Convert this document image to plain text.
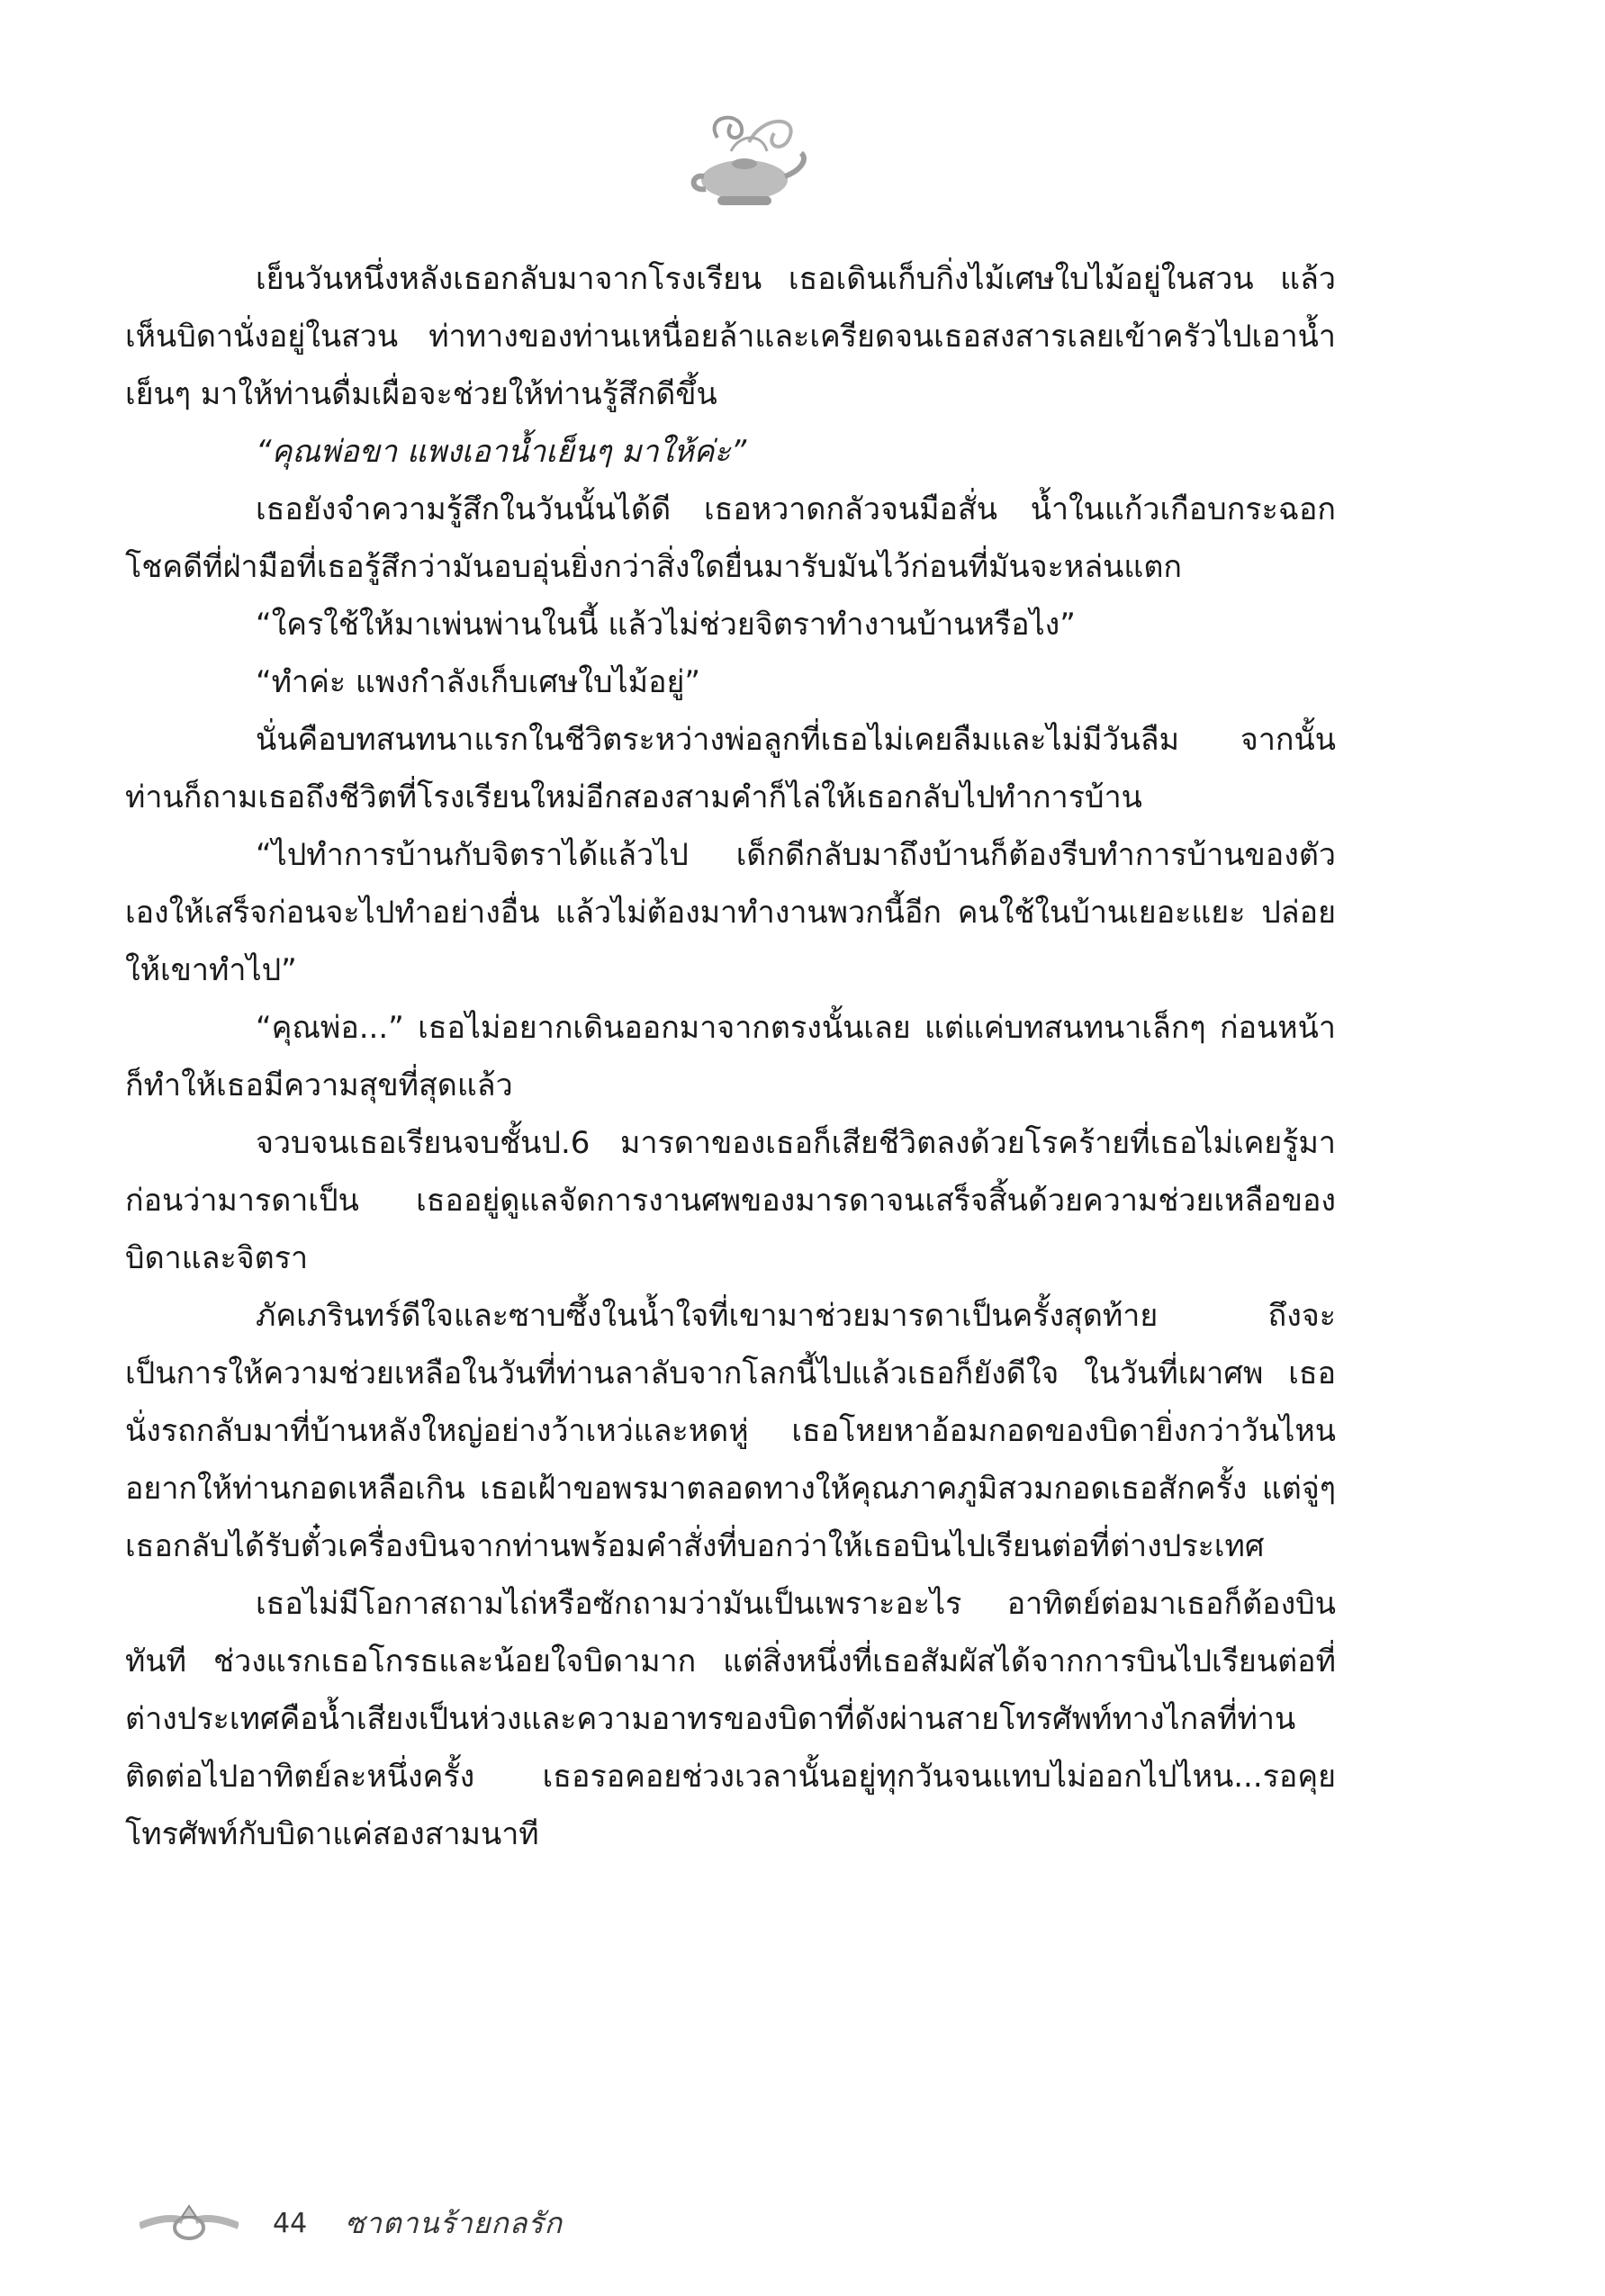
เย็นวันหนึ่งหลังเธอกลับมาจากโรงเรียน เธอเดินเก็บกิ่งไม้เศษใบไม้อยู่ในสวน แล้วเห็นบิดานั่งอยู่ในสวน ท่าทางของท่านเหนื่อยล้าและเครียดจนเธอสงสารเลยเข้าครัวไปเอาน้ำเย็นๆ มาให้ท่านดื่มเผื่อจะช่วยให้ท่านรู้สึกดีขึ้น

“คุณพ่อขา แพงเอาน้ำเย็นๆ มาให้ค่ะ”

เธอยังจำความรู้สึกในวันนั้นได้ดี เธอหวาดกลัวจนมือสั่น น้ำในแก้วเกือบกระฉอก โชคดีที่ฝ่ามือที่เธอรู้สึกว่ามันอบอุ่นยิ่งกว่าสิ่งใดยื่นมารับมันไว้ก่อนที่มันจะหล่นแตก

“ใครใช้ให้มาเพ่นพ่านในนี้ แล้วไม่ช่วยจิตราทำงานบ้านหรือไง”

“ทำค่ะ แพงกำลังเก็บเศษใบไม้อยู่”

นั่นคือบทสนทนาแรกในชีวิตระหว่างพ่อลูกที่เธอไม่เคยลืมและไม่มีวันลืม จากนั้นท่านก็ถามเธอถึงชีวิตที่โรงเรียนใหม่อีกสองสามคำก็ไล่ให้เธอกลับไปทำการบ้าน

“ไปทำการบ้านกับจิตราได้แล้วไป เด็กดีกลับมาถึงบ้านก็ต้องรีบทำการบ้านของตัวเองให้เสร็จก่อนจะไปทำอย่างอื่น แล้วไม่ต้องมาทำงานพวกนี้อีก คนใช้ในบ้านเยอะแยะ ปล่อยให้เขาทำไป”

“คุณพ่อ...” เธอไม่อยากเดินออกมาจากตรงนั้นเลย แต่แค่บทสนทนาเล็กๆ ก่อนหน้าก็ทำให้เธอมีความสุขที่สุดแล้ว

จวบจนเธอเรียนจบชั้นป.6 มารดาของเธอก็เสียชีวิตลงด้วยโรคร้ายที่เธอไม่เคยรู้มาก่อนว่ามารดาเป็น เธออยู่ดูแลจัดการงานศพของมารดาจนเสร็จสิ้นด้วยความช่วยเหลือของบิดาและจิตรา

ภัคเภรินทร์ดีใจและซาบซึ้งในน้ำใจที่เขามาช่วยมารดาเป็นครั้งสุดท้าย ถึงจะเป็นการให้ความช่วยเหลือในวันที่ท่านลาลับจากโลกนี้ไปแล้วเธอก็ยังดีใจ ในวันที่เผาศพ เธอนั่งรถกลับมาที่บ้านหลังใหญ่อย่างว้าเหว่และหดหู่ เธอโหยหาอ้อมกอดของบิดายิ่งกว่าวันไหน อยากให้ท่านกอดเหลือเกิน เธอเฝ้าขอพรมาตลอดทางให้คุณภาคภูมิสวมกอดเธอสักครั้ง แต่จู่ๆ เธอกลับได้รับตั๋วเครื่องบินจากท่านพร้อมคำสั่งที่บอกว่าให้เธอบินไปเรียนต่อที่ต่างประเทศ

เธอไม่มีโอกาสถามไถ่หรือซักถามว่ามันเป็นเพราะอะไร อาทิตย์ต่อมาเธอก็ต้องบินทันที ช่วงแรกเธอโกรธและน้อยใจบิดามาก แต่สิ่งหนึ่งที่เธอสัมผัสได้จากการบินไปเรียนต่อที่ต่างประเทศคือน้ำเสียงเป็นห่วงและความอาทรของบิดาที่ดังผ่านสายโทรศัพท์ทางไกลที่ท่านติดต่อไปอาทิตย์ละหนึ่งครั้ง เธอรอคอยช่วงเวลานั้นอยู่ทุกวันจนแทบไม่ออกไปไหน...รอคุยโทรศัพท์กับบิดาแค่สองสามนาที

44 ซาตานร้ายกลรัก
